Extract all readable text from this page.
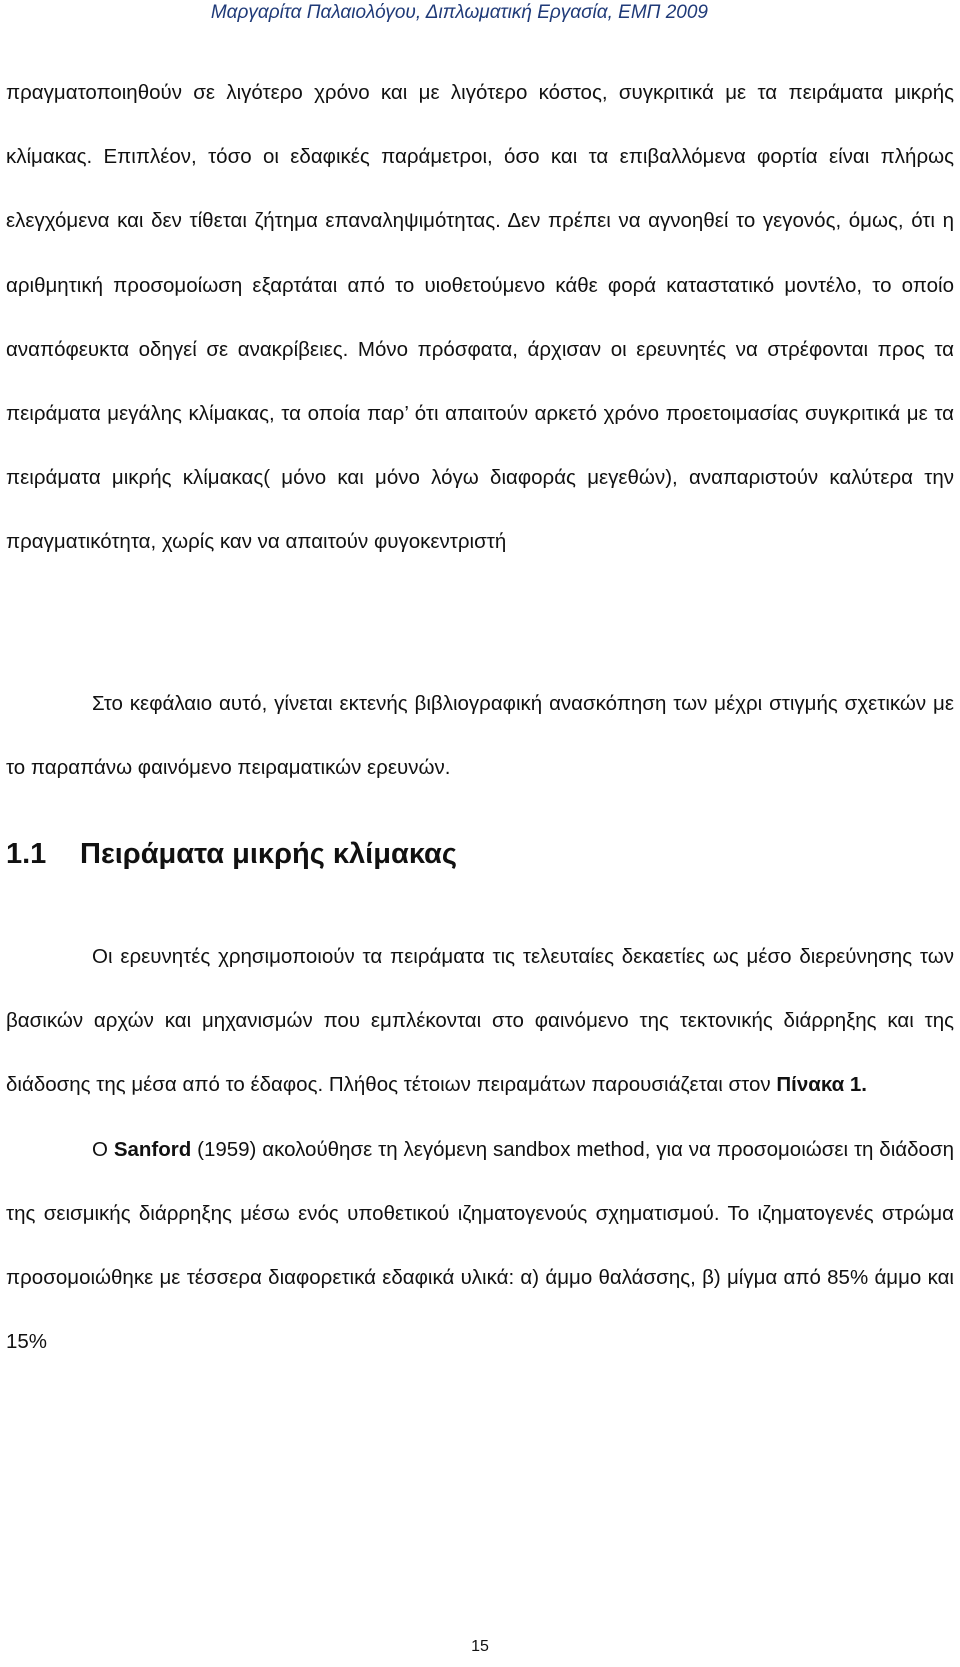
Μαργαρίτα Παλαιολόγου, Διπλωματική Εργασία, ΕΜΠ 2009

πραγματοποιηθούν σε λιγότερο χρόνο και με λιγότερο κόστος, συγκριτικά με τα πειράματα μικρής κλίμακας. Επιπλέον, τόσο οι εδαφικές παράμετροι, όσο και τα επιβαλλόμενα φορτία είναι πλήρως ελεγχόμενα και δεν τίθεται ζήτημα επαναληψιμότητας. Δεν πρέπει να αγνοηθεί το γεγονός, όμως, ότι η αριθμητική προσομοίωση εξαρτάται από το υιοθετούμενο κάθε φορά καταστατικό μοντέλο, το οποίο αναπόφευκτα οδηγεί σε ανακρίβειες. Μόνο πρόσφατα, άρχισαν οι ερευνητές να στρέφονται προς τα πειράματα μεγάλης κλίμακας, τα οποία παρ’ ότι απαιτούν αρκετό χρόνο προετοιμασίας συγκριτικά με τα πειράματα μικρής κλίμακας( μόνο και μόνο λόγω διαφοράς μεγεθών), αναπαριστούν καλύτερα την πραγματικότητα, χωρίς καν να απαιτούν φυγοκεντριστή

Στο κεφάλαιο αυτό, γίνεται εκτενής βιβλιογραφική ανασκόπηση των μέχρι στιγμής σχετικών με το παραπάνω φαινόμενο πειραματικών ερευνών.

1.1 Πειράματα μικρής κλίμακας

Οι ερευνητές χρησιμοποιούν τα πειράματα τις τελευταίες δεκαετίες ως μέσο διερεύνησης των βασικών αρχών και μηχανισμών που εμπλέκονται στο φαινόμενο της τεκτονικής διάρρηξης και της διάδοσης της μέσα από το έδαφος. Πλήθος τέτοιων πειραμάτων παρουσιάζεται στον Πίνακα 1.

Ο Sanford (1959) ακολούθησε τη λεγόμενη sandbox method, για να προσομοιώσει τη διάδοση της σεισμικής διάρρηξης μέσω ενός υποθετικού ιζηματογενούς σχηματισμού. Το ιζηματογενές στρώμα προσομοιώθηκε με τέσσερα διαφορετικά εδαφικά υλικά: α) άμμο θαλάσσης, β) μίγμα από 85% άμμο και 15%

15
